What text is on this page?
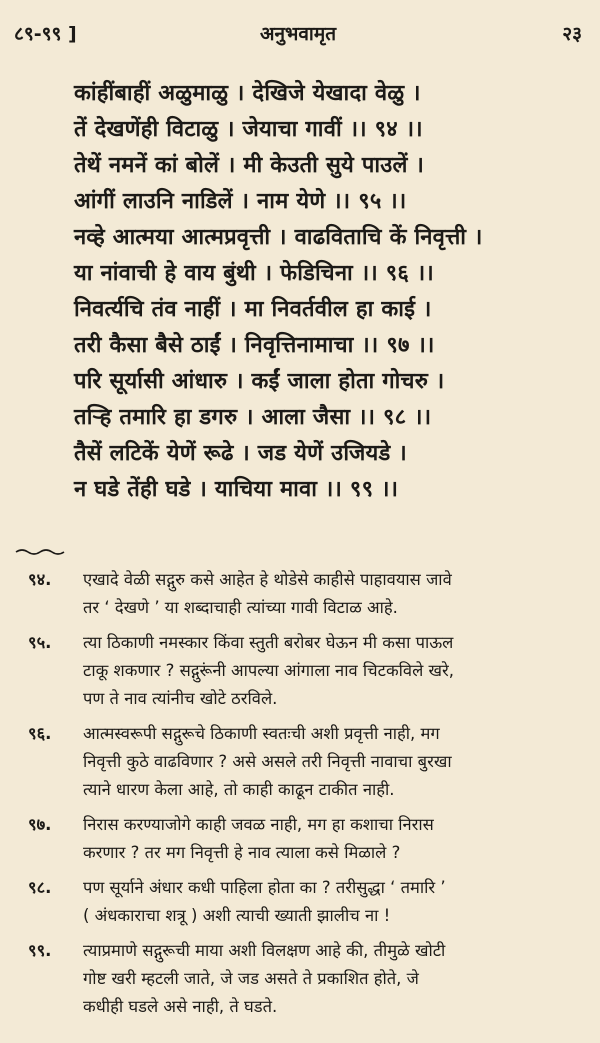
८९-९९ ]	अनुभवामृत	२३
कांहींबाहीं अळुमाळु । देखिजे येखादा वेळु ।
तें देखणेंही विटाळु । जेयाचा गावीं ।। ९४ ।।
तेथें नमनें कां बोलें । मी केउती सुये पाउलें ।
आंगीं लाउनि नाडिलें । नाम येणे ।। ९५ ।।
नव्हे आत्मया आत्मप्रवृत्ती । वाढविताचि कें निवृत्ती ।
या नांवाची हे वाय बुंथी । फेडिचिना ।। ९६ ।।
निवर्त्यचि तंव नाहीं । मा निवर्तवील हा काई ।
तरी कैसा बैसे ठाईं । निवृत्तिनामाचा ।। ९७ ।।
परि सूर्यासी आंधारु । कईं जाला होता गोचरु ।
तऱ्हि तमारि हा डगरु । आला जैसा ।। ९८ ।।
तैसें लटिकें येणें रूढे । जड येणें उजियडे ।
न घडे तेंही घडे । याचिया मावा ।। ९९ ।।
९४.	एखादे वेळी सद्गुरु कसे आहेत हे थोडेसे काहीसे पाहावयास जावे
तर ‘ देखणे ’ या शब्दाचाही त्यांच्या गावी विटाळ आहे.
९५.	त्या ठिकाणी नमस्कार किंवा स्तुती बरोबर घेऊन मी कसा पाऊल
टाकू शकणार ? सद्गुरूंनी आपल्या आंगाला नाव चिटकविले खरे,
पण ते नाव त्यांनीच खोटे ठरविले.
९६.	आत्मस्वरूपी सद्गुरूचे ठिकाणी स्वतःची अशी प्रवृत्ती नाही, मग
निवृत्ती कुठे वाढविणार ? असे असले तरी निवृत्ती नावाचा बुरखा
त्याने धारण केला आहे, तो काही काढून टाकीत नाही.
९७.	निरास करण्याजोगे काही जवळ नाही, मग हा कशाचा निरास
करणार ? तर मग निवृत्ती हे नाव त्याला कसे मिळाले ?
९८.	पण सूर्याने अंधार कधी पाहिला होता का ? तरीसुद्धा ‘ तमारि ’
( अंधकाराचा शत्रू ) अशी त्याची ख्याती झालीच ना !
९९.	त्याप्रमाणे सद्गुरूची माया अशी विलक्षण आहे की, तीमुळे खोटी
गोष्ट खरी म्हटली जाते, जे जड असते ते प्रकाशित होते, जे
कधीही घडले असे नाही, ते घडते.
